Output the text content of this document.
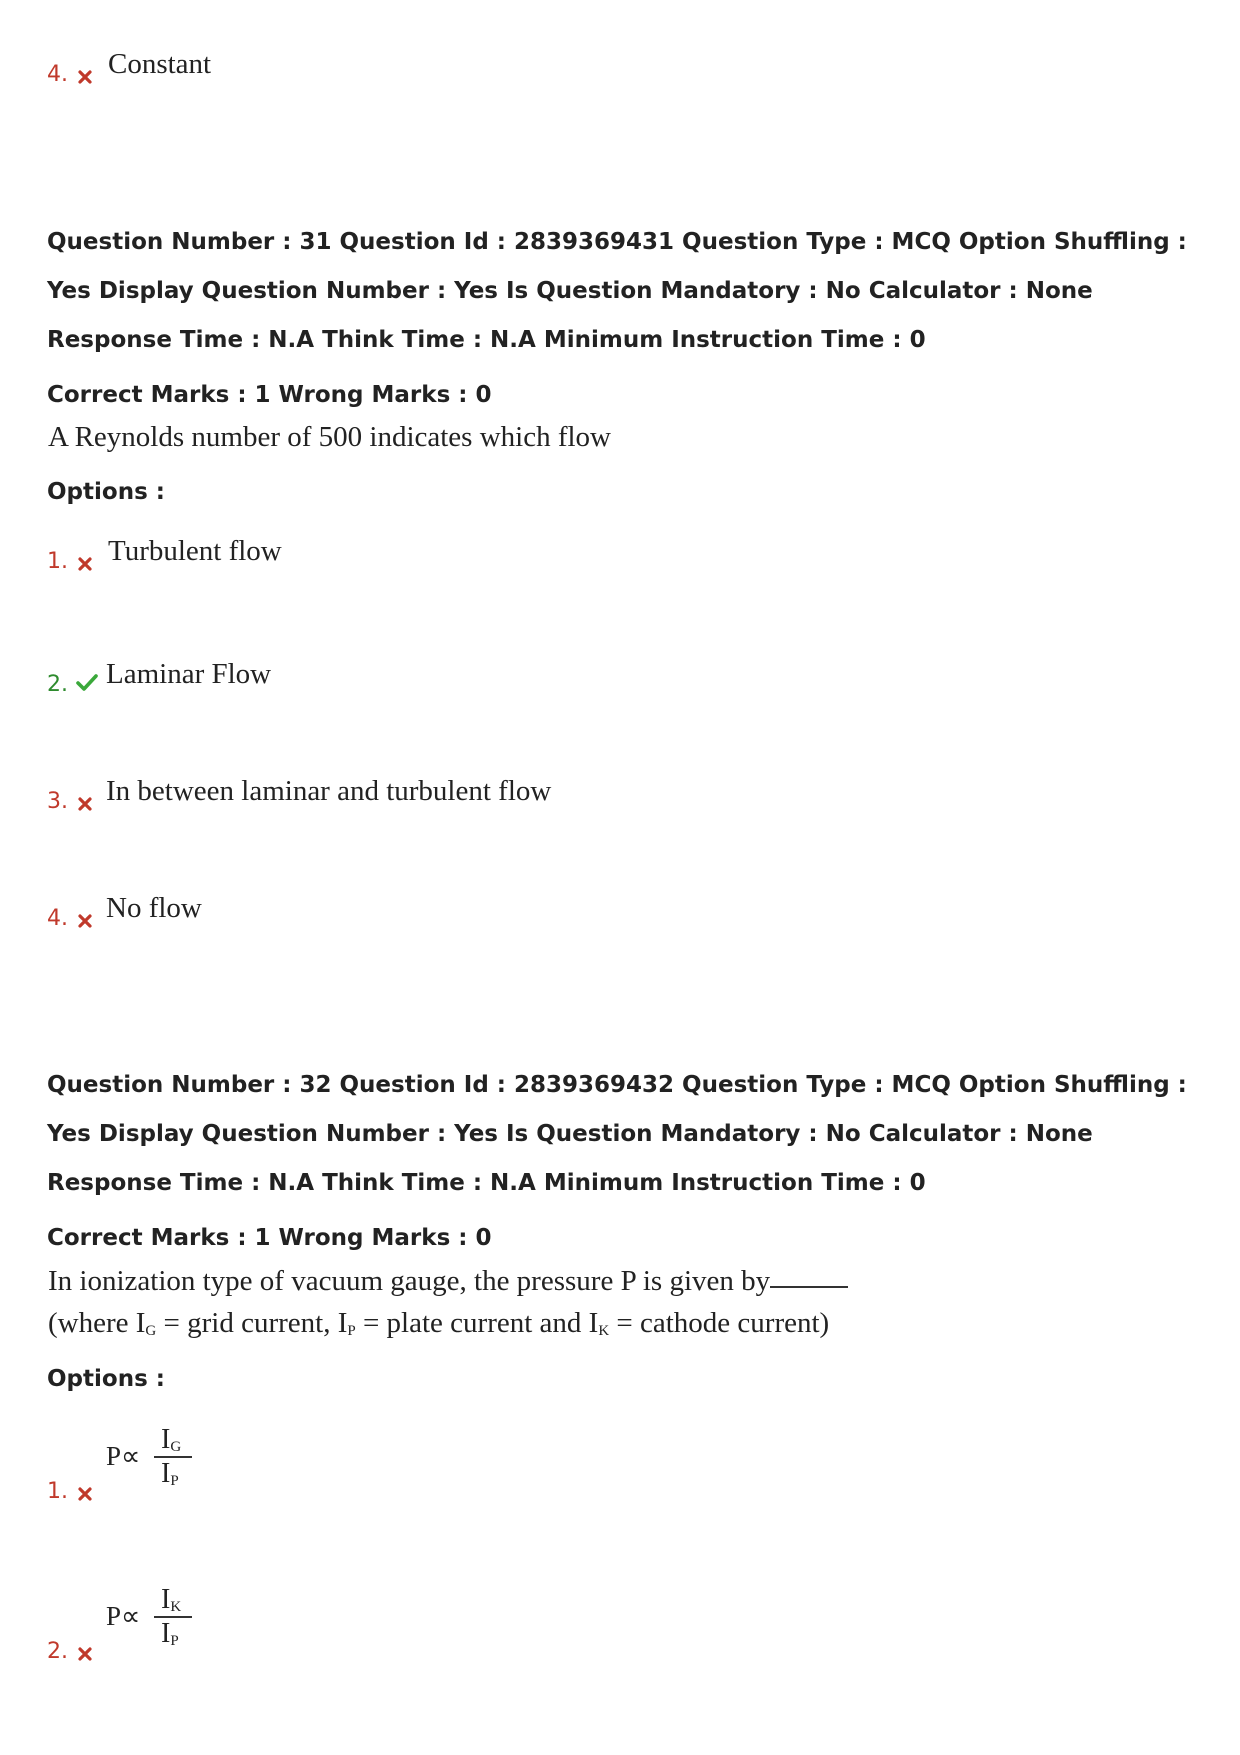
4. Constant
Question Number : 31 Question Id : 2839369431 Question Type : MCQ Option Shuffling : Yes Display Question Number : Yes Is Question Mandatory : No Calculator : None Response Time : N.A Think Time : N.A Minimum Instruction Time : 0
Correct Marks : 1 Wrong Marks : 0
A Reynolds number of 500 indicates which flow
Options :
1. Turbulent flow
2. Laminar Flow
3. In between laminar and turbulent flow
4. No flow
Question Number : 32 Question Id : 2839369432 Question Type : MCQ Option Shuffling : Yes Display Question Number : Yes Is Question Mandatory : No Calculator : None Response Time : N.A Think Time : N.A Minimum Instruction Time : 0
Correct Marks : 1 Wrong Marks : 0
In ionization type of vacuum gauge, the pressure P is given by
(where $I_G$ = grid current, $I_P$ = plate current and $I_K$ = cathode current)
Options :
1.
P∝
$I_G$
$I_P$
2.
P∝
$I_K$
$I_P$
